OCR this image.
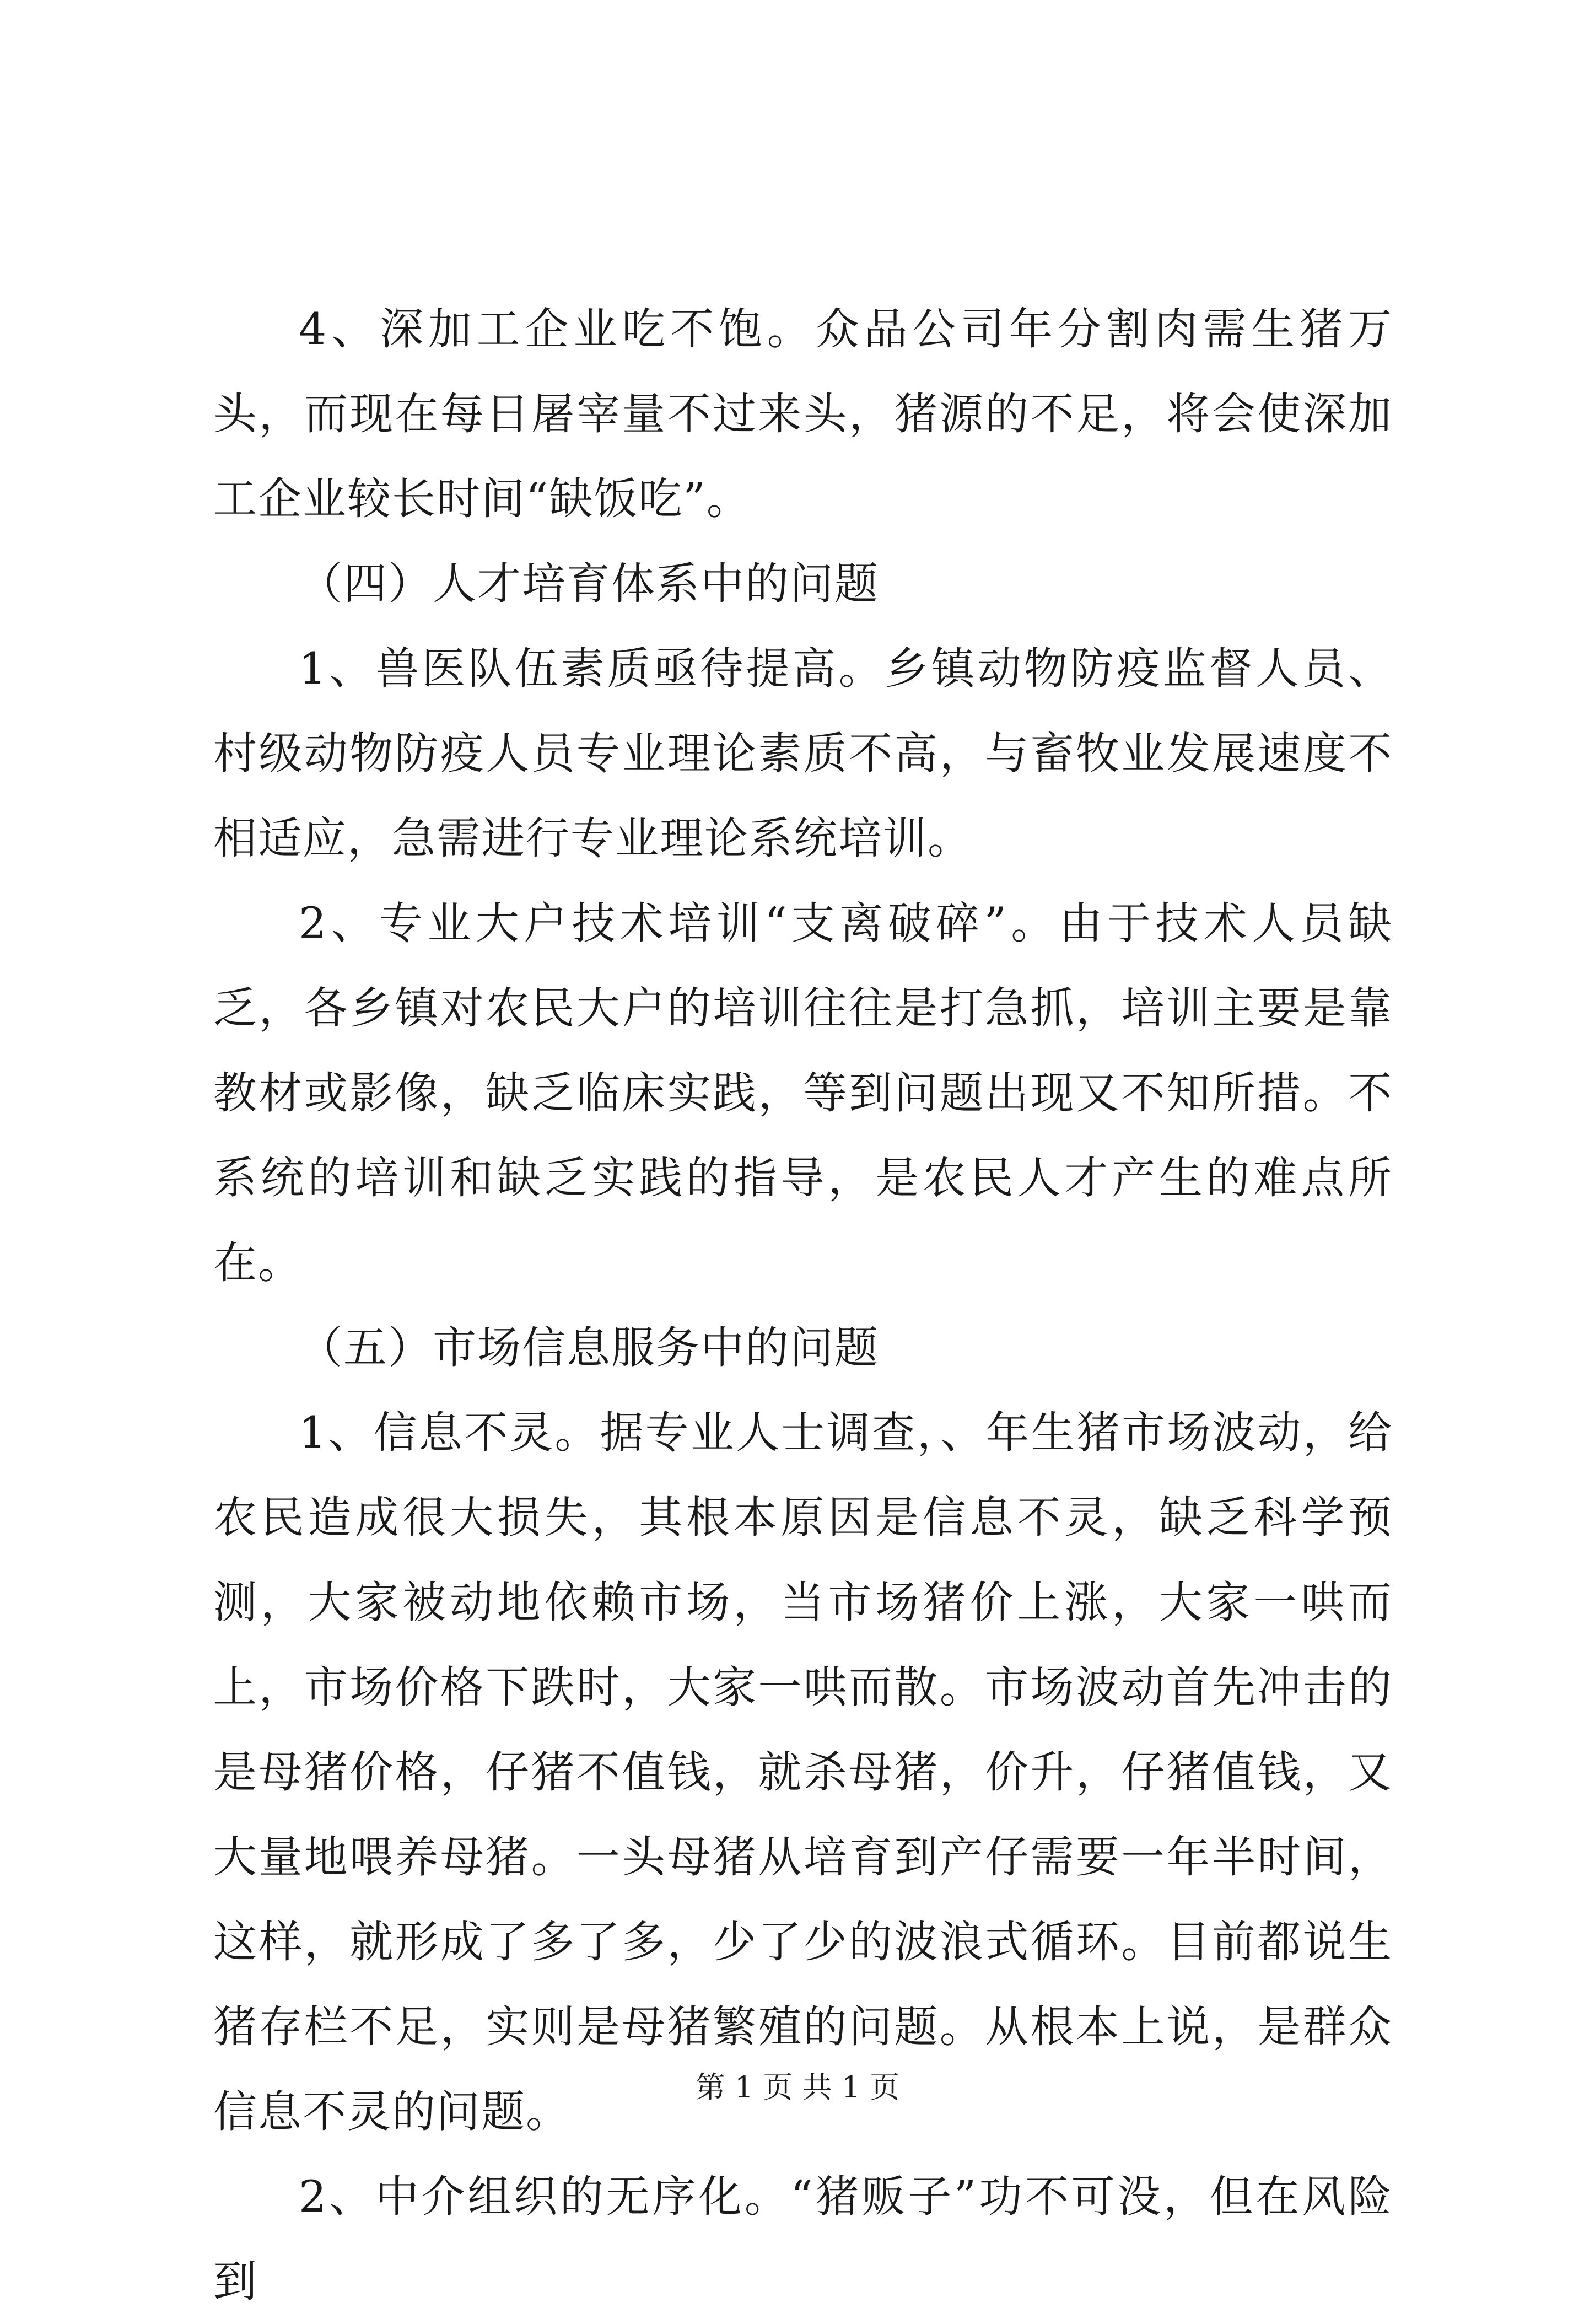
4、深加工企业吃不饱。众品公司年分割肉需生猪万头，而现在每日屠宰量不过来头，猪源的不足，将会使深加工企业较长时间“缺饭吃”。

（四）人才培育体系中的问题

1、兽医队伍素质亟待提高。乡镇动物防疫监督人员、村级动物防疫人员专业理论素质不高，与畜牧业发展速度不相适应，急需进行专业理论系统培训。

2、专业大户技术培训“支离破碎”。由于技术人员缺乏，各乡镇对农民大户的培训往往是打急抓，培训主要是靠教材或影像，缺乏临床实践，等到问题出现又不知所措。不系统的培训和缺乏实践的指导，是农民人才产生的难点所在。

（五）市场信息服务中的问题

1、信息不灵。据专业人士调查，、年生猪市场波动，给农民造成很大损失，其根本原因是信息不灵，缺乏科学预测，大家被动地依赖市场，当市场猪价上涨，大家一哄而上，市场价格下跌时，大家一哄而散。市场波动首先冲击的是母猪价格，仔猪不值钱，就杀母猪，价升，仔猪值钱，又大量地喂养母猪。一头母猪从培育到产仔需要一年半时间，这样，就形成了多了多，少了少的波浪式循环。目前都说生猪存栏不足，实则是母猪繁殖的问题。从根本上说，是群众信息不灵的问题。

2、中介组织的无序化。“猪贩子”功不可没，但在风险到

第 1 页 共 1 页
